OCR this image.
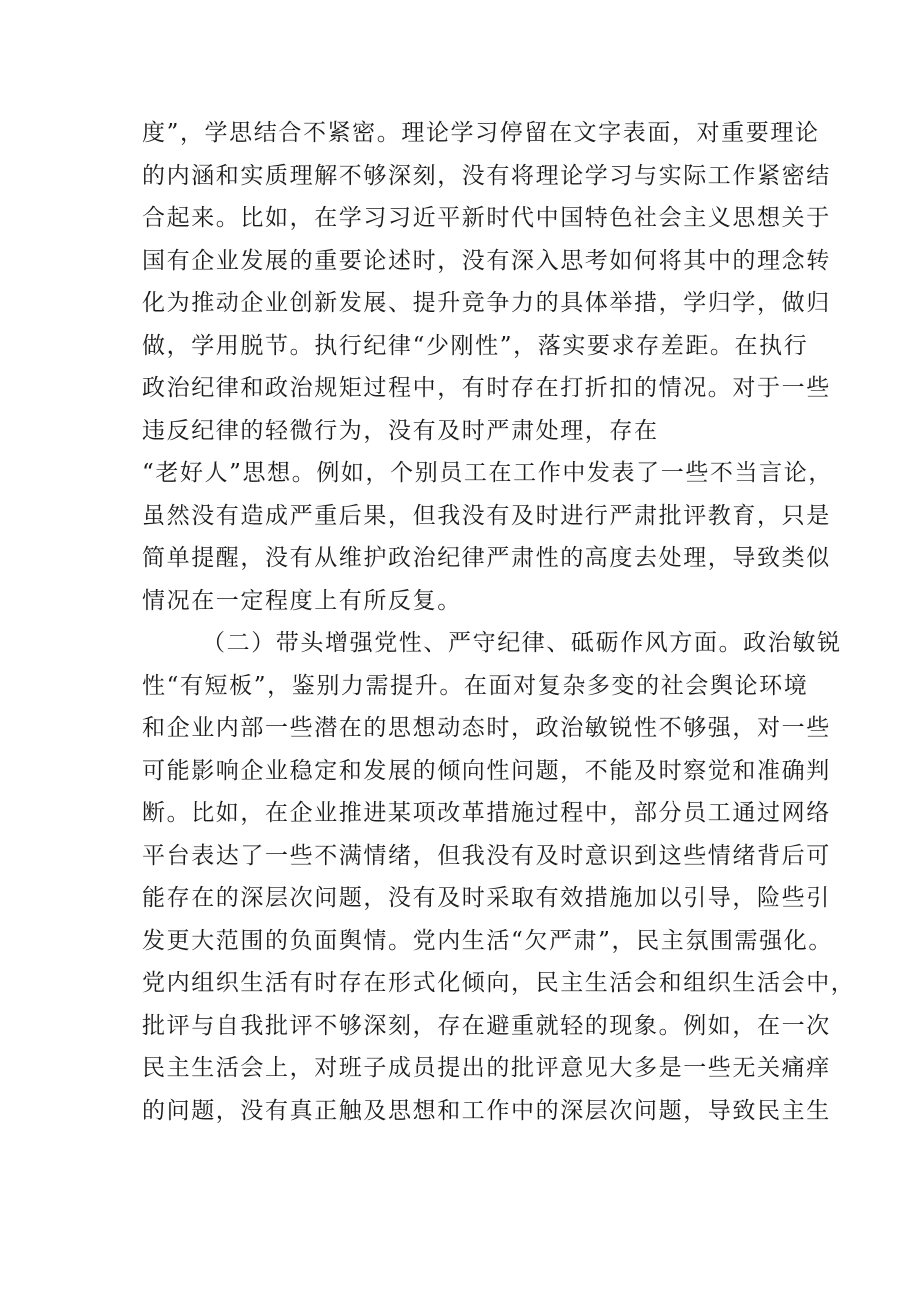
度”，学思结合不紧密。理论学习停留在文字表面，对重要理论
的内涵和实质理解不够深刻，没有将理论学习与实际工作紧密结
合起来。比如，在学习习近平新时代中国特色社会主义思想关于
国有企业发展的重要论述时，没有深入思考如何将其中的理念转
化为推动企业创新发展、提升竞争力的具体举措，学归学，做归
做，学用脱节。执行纪律“少刚性”，落实要求存差距。在执行
政治纪律和政治规矩过程中，有时存在打折扣的情况。对于一些
违反纪律的轻微行为，没有及时严肃处理，存在
“老好人”思想。例如，个别员工在工作中发表了一些不当言论，
虽然没有造成严重后果，但我没有及时进行严肃批评教育，只是
简单提醒，没有从维护政治纪律严肃性的高度去处理，导致类似
情况在一定程度上有所反复。
（二）带头增强党性、严守纪律、砥砺作风方面。政治敏锐
性“有短板”，鉴别力需提升。在面对复杂多变的社会舆论环境
和企业内部一些潜在的思想动态时，政治敏锐性不够强，对一些
可能影响企业稳定和发展的倾向性问题，不能及时察觉和准确判
断。比如，在企业推进某项改革措施过程中，部分员工通过网络
平台表达了一些不满情绪，但我没有及时意识到这些情绪背后可
能存在的深层次问题，没有及时采取有效措施加以引导，险些引
发更大范围的负面舆情。党内生活“欠严肃”，民主氛围需强化。
党内组织生活有时存在形式化倾向，民主生活会和组织生活会中，
批评与自我批评不够深刻，存在避重就轻的现象。例如，在一次
民主生活会上，对班子成员提出的批评意见大多是一些无关痛痒
的问题，没有真正触及思想和工作中的深层次问题，导致民主生
